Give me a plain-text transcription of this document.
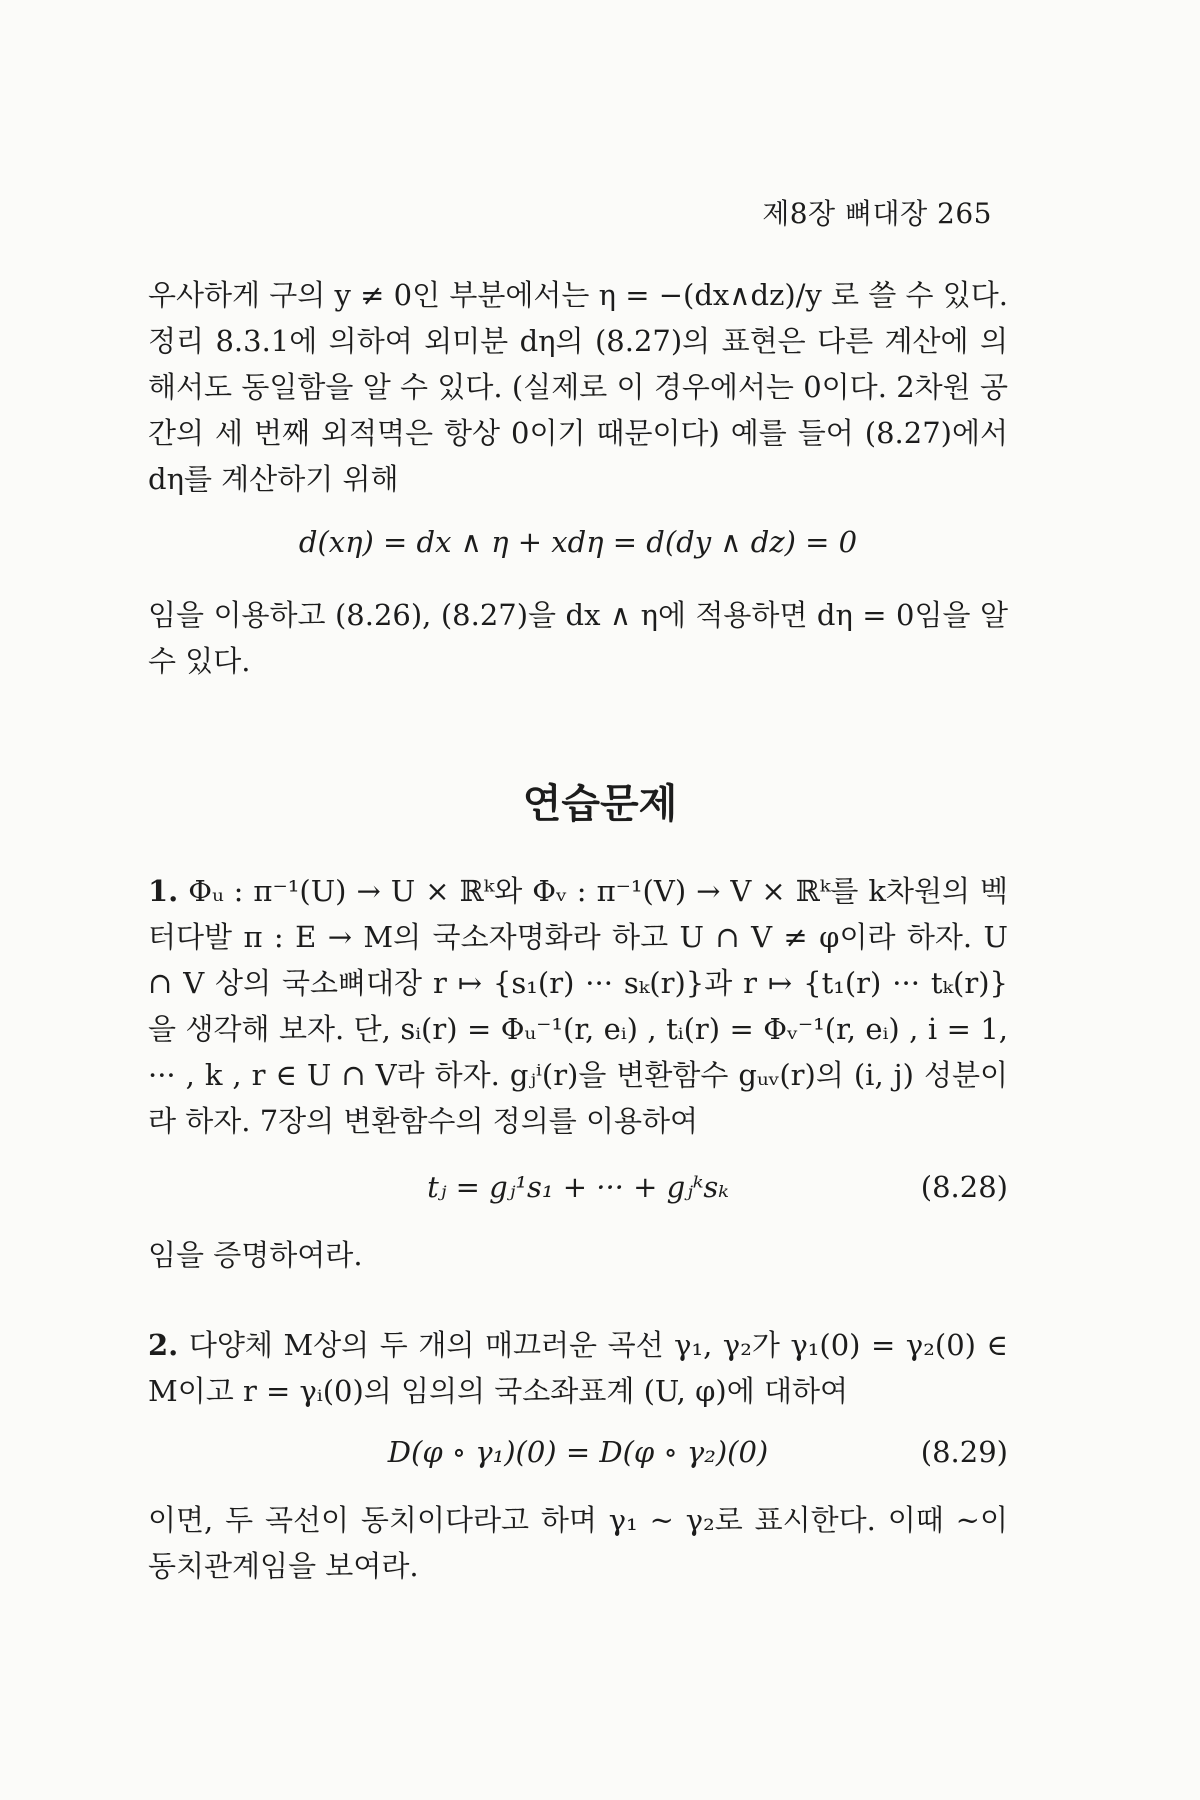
제8장 뼈대장 265

우사하게 구의 y ≠ 0인 부분에서는 η = −(dx∧dz)/y 로 쓸 수 있다. 정리 8.3.1에 의하여 외미분 dη의 (8.27)의 표현은 다른 계산에 의해서도 동일함을 알 수 있다. (실제로 이 경우에서는 0이다. 2차원 공간의 세 번째 외적멱은 항상 0이기 때문이다) 예를 들어 (8.27)에서 dη를 계산하기 위해

d(xη) = dx ∧ η + xdη = d(dy ∧ dz) = 0

임을 이용하고 (8.26), (8.27)을 dx ∧ η에 적용하면 dη = 0임을 알 수 있다.

연습문제

1. Φᵤ : π⁻¹(U) → U × ℝᵏ와 Φᵥ : π⁻¹(V) → V × ℝᵏ를 k차원의 벡터다발 π : E → M의 국소자명화라 하고 U ∩ V ≠ φ이라 하자. U ∩ V 상의 국소뼈대장 r ↦ {s₁(r) ··· sₖ(r)}과 r ↦ {t₁(r) ··· tₖ(r)}을 생각해 보자. 단, sᵢ(r) = Φᵤ⁻¹(r, eᵢ) , tᵢ(r) = Φᵥ⁻¹(r, eᵢ) , i = 1, ··· , k , r ∈ U ∩ V라 하자. gⱼⁱ(r)을 변환함수 gᵤᵥ(r)의 (i, j) 성분이라 하자. 7장의 변환함수의 정의를 이용하여

tⱼ = gⱼ¹s₁ + ··· + gⱼᵏsₖ	(8.28)

임을 증명하여라.

2. 다양체 M상의 두 개의 매끄러운 곡선 γ₁, γ₂가 γ₁(0) = γ₂(0) ∈ M이고 r = γᵢ(0)의 임의의 국소좌표계 (U, φ)에 대하여

D(φ ∘ γ₁)(0) = D(φ ∘ γ₂)(0)	(8.29)

이면, 두 곡선이 동치이다라고 하며 γ₁ ~ γ₂로 표시한다. 이때 ~이 동치관계임을 보여라.
